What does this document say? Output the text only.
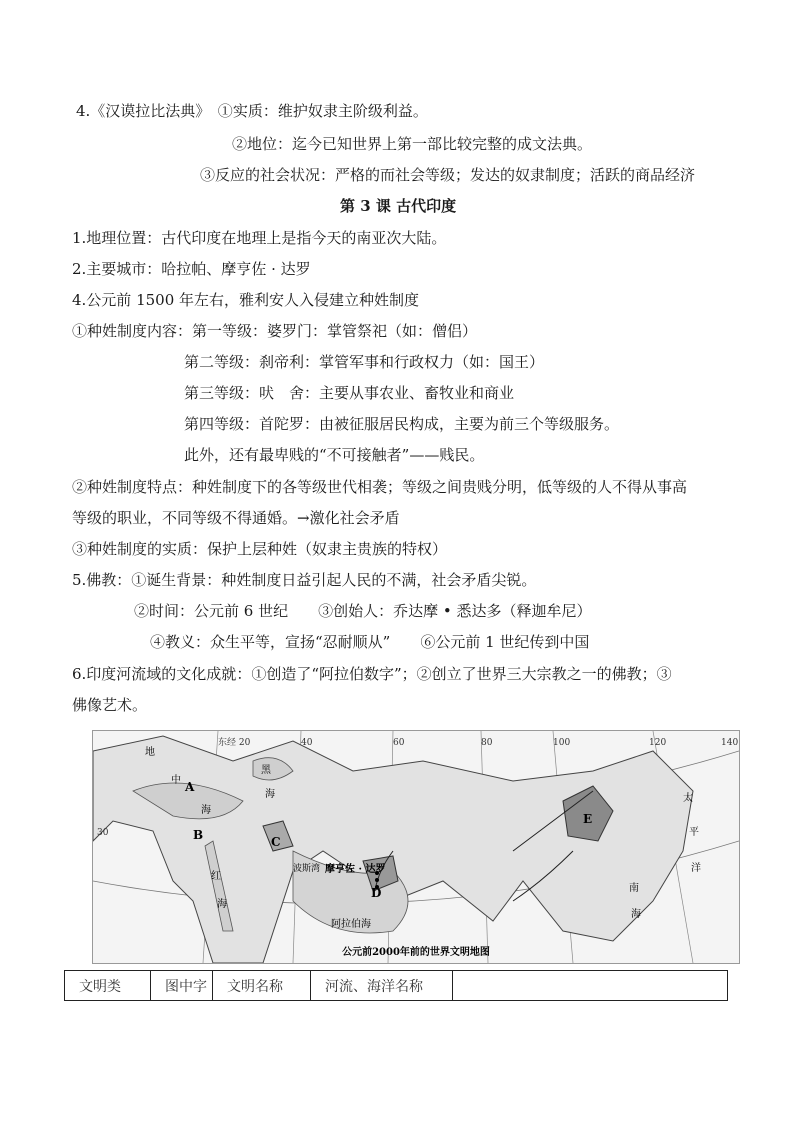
4.《汉谟拉比法典》　①实质：维护奴隶主阶级利益。
②地位：迄今已知世界上第一部比较完整的成文法典。
③反应的社会状况：严格的而社会等级；发达的奴隶制度；活跃的商品经济
第 3 课 古代印度
1.地理位置：古代印度在地理上是指今天的南亚次大陆。
2.主要城市：哈拉帕、摩亨佐 · 达罗
4.公元前 1500 年左右，雅利安人入侵建立种姓制度
①种姓制度内容：第一等级：婆罗门：掌管祭祀（如：僧侣）
第二等级：刹帝利：掌管军事和行政权力（如：国王）
第三等级：吠　舍：主要从事农业、畜牧业和商业
第四等级：首陀罗：由被征服居民构成，主要为前三个等级服务。
此外，还有最卑贱的“不可接触者”——贱民。
②种姓制度特点：种姓制度下的各等级世代相袭；等级之间贵贱分明，低等级的人不得从事高
等级的职业，不同等级不得通婚。→激化社会矛盾
③种姓制度的实质：保护上层种姓（奴隶主贵族的特权）
5.佛教：①诞生背景：种姓制度日益引起人民的不满，社会矛盾尖锐。
②时间：公元前 6 世纪　　③创始人：乔达摩 • 悉达多（释迦牟尼）
④教义：众生平等，宣扬“忍耐顺从”　　⑥公元前 1 世纪传到中国
6.印度河流域的文化成就：①创造了“阿拉伯数字”；②创立了世界三大宗教之一的佛教；③
佛像艺术。
东经 20	40	60	80	100	120	140
30
A
B	C
D
E
摩亨佐 · 达罗
地
中
海
黑
海
红
海
波斯湾
阿拉伯海
太
平
洋
南
海
公元前2000年前的世界文明地图
文明类	图中字	文明名称	河流、海洋名称
